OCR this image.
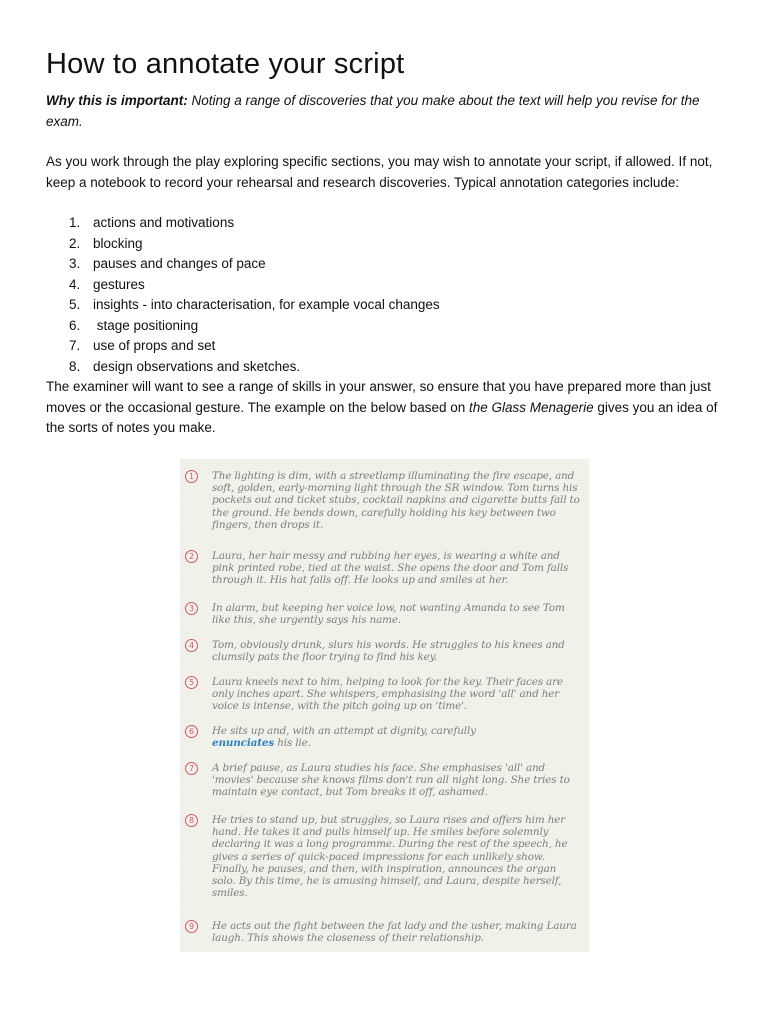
How to annotate your script
Why this is important: Noting a range of discoveries that you make about the text will help you revise for the exam.
As you work through the play exploring specific sections, you may wish to annotate your script, if allowed. If not, keep a notebook to record your rehearsal and research discoveries. Typical annotation categories include:
1. actions and motivations
2. blocking
3. pauses and changes of pace
4. gestures
5. insights - into characterisation, for example vocal changes
6. stage positioning
7. use of props and set
8. design observations and sketches.
The examiner will want to see a range of skills in your answer, so ensure that you have prepared more than just moves or the occasional gesture. The example on the below based on the Glass Menagerie gives you an idea of the sorts of notes you make.
1	The lighting is dim, with a streetlamp illuminating the fire escape, and soft, golden, early-morning light through the SR window. Tom turns his pockets out and ticket stubs, cocktail napkins and cigarette butts fall to the ground. He bends down, carefully holding his key between two fingers, then drops it.
2	Laura, her hair messy and rubbing her eyes, is wearing a white and pink printed robe, tied at the waist. She opens the door and Tom falls through it. His hat falls off. He looks up and smiles at her.
3	In alarm, but keeping her voice low, not wanting Amanda to see Tom like this, she urgently says his name.
4	Tom, obviously drunk, slurs his words. He struggles to his knees and clumsily pats the floor trying to find his key.
5	Laura kneels next to him, helping to look for the key. Their faces are only inches apart. She whispers, emphasising the word 'all' and her voice is intense, with the pitch going up on 'time'.
6	He sits up and, with an attempt at dignity, carefully
enunciates his lie.
7	A brief pause, as Laura studies his face. She emphasises 'all' and 'movies' because she knows films don't run all night long. She tries to maintain eye contact, but Tom breaks it off, ashamed.
8	He tries to stand up, but struggles, so Laura rises and offers him her hand. He takes it and pulls himself up. He smiles before solemnly declaring it was a long programme. During the rest of the speech, he gives a series of quick-paced impressions for each unlikely show. Finally, he pauses, and then, with inspiration, announces the organ solo. By this time, he is amusing himself, and Laura, despite herself, smiles.
9	He acts out the fight between the fat lady and the usher, making Laura laugh. This shows the closeness of their relationship.
